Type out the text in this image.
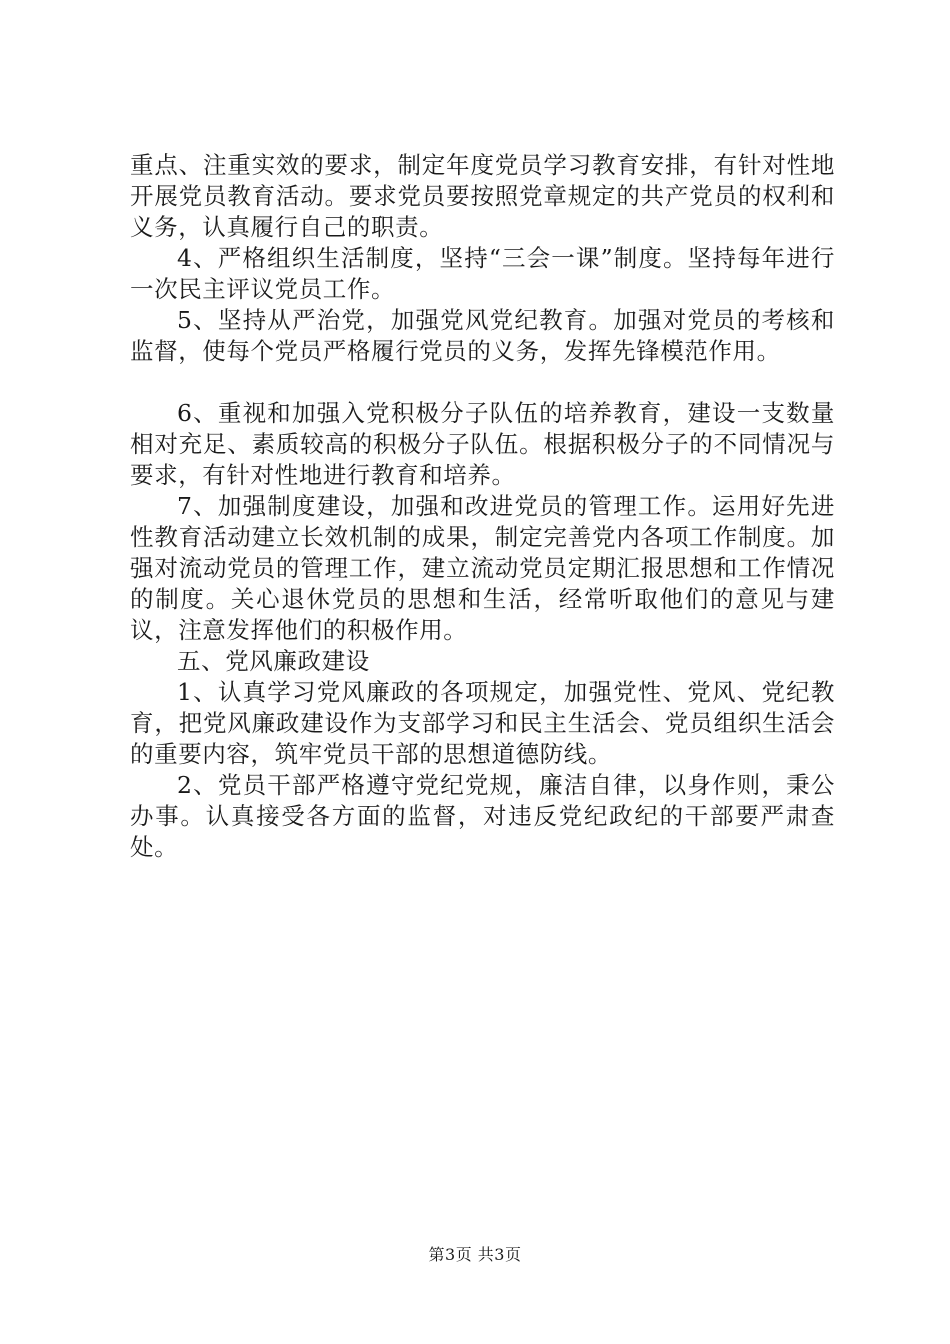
重点、注重实效的要求，制定年度党员学习教育安排，有针对性地开展党员教育活动。要求党员要按照党章规定的共产党员的权利和义务，认真履行自己的职责。

4、严格组织生活制度，坚持“三会一课”制度。坚持每年进行一次民主评议党员工作。

5、坚持从严治党，加强党风党纪教育。加强对党员的考核和监督，使每个党员严格履行党员的义务，发挥先锋模范作用。

6、重视和加强入党积极分子队伍的培养教育，建设一支数量相对充足、素质较高的积极分子队伍。根据积极分子的不同情况与要求，有针对性地进行教育和培养。

7、加强制度建设，加强和改进党员的管理工作。运用好先进性教育活动建立长效机制的成果，制定完善党内各项工作制度。加强对流动党员的管理工作，建立流动党员定期汇报思想和工作情况的制度。关心退休党员的思想和生活，经常听取他们的意见与建议，注意发挥他们的积极作用。

五、党风廉政建设

1、认真学习党风廉政的各项规定，加强党性、党风、党纪教育，把党风廉政建设作为支部学习和民主生活会、党员组织生活会的重要内容，筑牢党员干部的思想道德防线。

2、党员干部严格遵守党纪党规，廉洁自律，以身作则，秉公办事。认真接受各方面的监督，对违反党纪政纪的干部要严肃查处。

第3页 共3页
